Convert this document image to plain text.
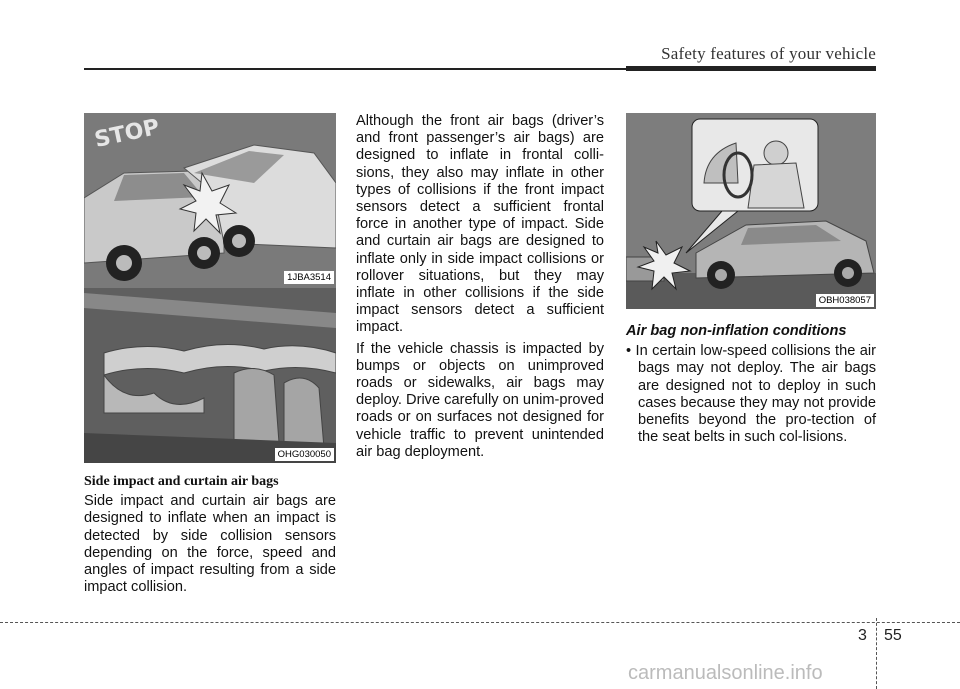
Safety features of your vehicle
STOP
1JBA3514
OHG030050
Side impact and curtain air bags

Side impact and curtain air bags are designed to inflate when an impact is detected by side collision sensors depending on the force, speed and angles of impact resulting from a side impact collision.

Although the front air bags (driver’s and front passenger’s air bags) are designed to inflate in frontal colli-sions, they also may inflate in other types of collisions if the front impact sensors detect a sufficient frontal force in another type of impact. Side and curtain air bags are designed to inflate only in side impact collisions or rollover situations, but they may inflate in other collisions if the side impact sensors detect a sufficient impact.

If the vehicle chassis is impacted by bumps or objects on unimproved roads or sidewalks, air bags may deploy. Drive carefully on unim-proved roads or on surfaces not designed for vehicle traffic to prevent unintended air bag deployment.

OBH038057
Air bag non-inflation conditions

• In certain low-speed collisions the air bags may not deploy. The air bags are designed not to deploy in such cases because they may not provide benefits beyond the pro-tection of the seat belts in such col-lisions.

3 55
carmanualsonline.info
